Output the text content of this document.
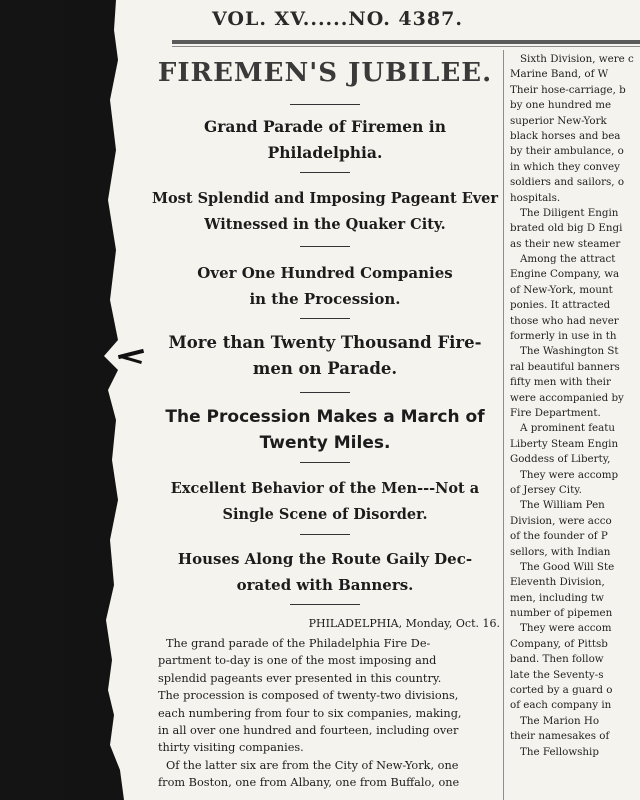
VOL. XV......NO. 4387.
FIREMEN'S JUBILEE.
Grand Parade of Firemen in
Philadelphia.
Most Splendid and Imposing Pageant Ever
Witnessed in the Quaker City.
Over One Hundred Companies
in the Procession.
More than Twenty Thousand Fire-
men on Parade.
The Procession Makes a March of
Twenty Miles.
Excellent Behavior of the Men---Not a
Single Scene of Disorder.
Houses Along the Route Gaily Dec-
orated with Banners.
PHILADELPHIA, Monday, Oct. 16.
The grand parade of the Philadelphia Fire De-
partment to-day is one of the most imposing and
splendid pageants ever presented in this country.
The procession is composed of twenty-two divisions,
each numbering from four to six companies, making,
in all over one hundred and fourteen, including over
thirty visiting companies.
Of the latter six are from the City of New-York, one
from Boston, one from Albany, one from Buffalo, one
Sixth Division, were c
Marine Band, of W
Their hose-carriage, b
by one hundred me
superior New-York
black horses and bea
by their ambulance, o
in which they convey
soldiers and sailors, o
hospitals.
The Diligent Engin
brated old big D Engi
as their new steamer
Among the attract
Engine Company, wa
of New-York, mount
ponies. It attracted
those who had never
formerly in use in th
The Washington St
ral beautiful banners
fifty men with their
were accompanied by
Fire Department.
A prominent featu
Liberty Steam Engin
Goddess of Liberty,
They were accomp
of Jersey City.
The William Pen
Division, were acco
of the founder of P
sellors, with Indian
The Good Will Ste
Eleventh Division,
men, including tw
number of pipemen
They were accom
Company, of Pittsb
band. Then follow
late the Seventy-s
corted by a guard o
of each company in
The Marion Ho
their namesakes of
The Fellowship
